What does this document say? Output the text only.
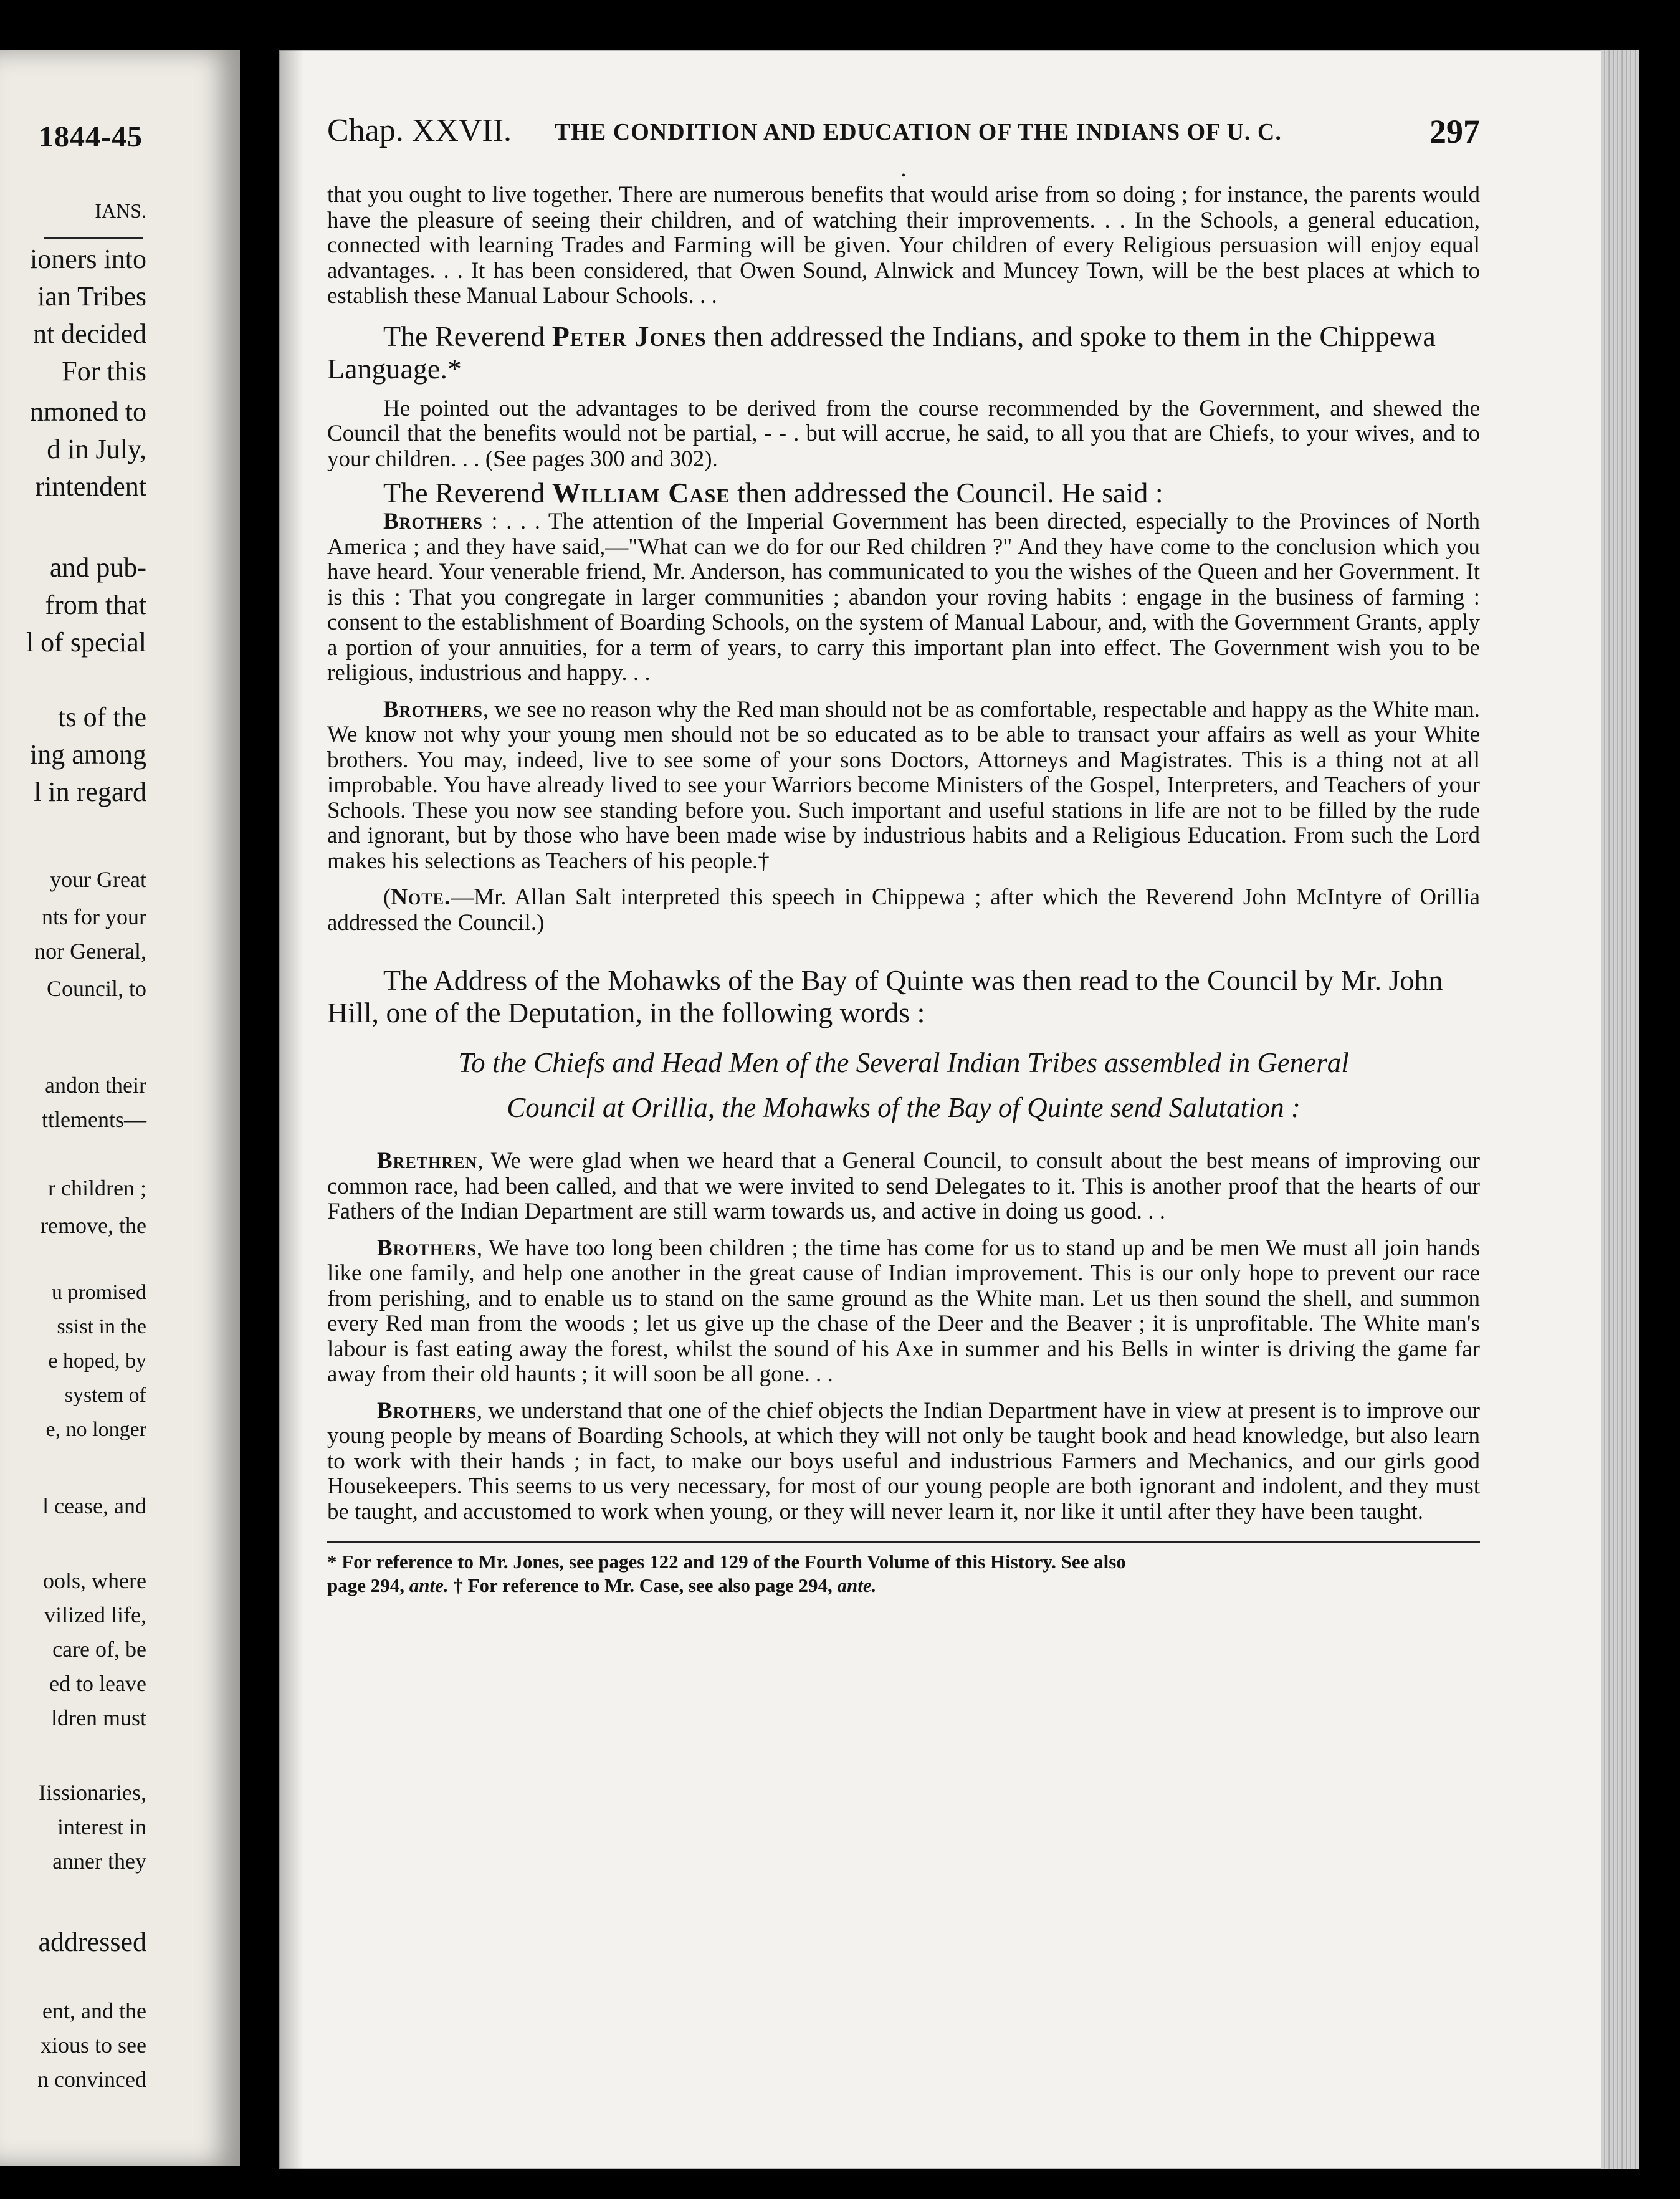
1844-45
IANS.
ioners into
ian Tribes
nt decided
For this
nmoned to
d in July,
rintendent
and pub-
from that
l of special
ts of the
ing among
l in regard
your Great
nts for your
nor General,
Council, to
andon their
ttlements—
r children ;
remove, the
u promised
ssist in the
e hoped, by
system of
e, no longer
l cease, and
ools, where
vilized life,
care of, be
ed to leave
ldren must
Iissionaries,
interest in
anner they
addressed
ent, and the
xious to see
n convinced
Chap. XXVII. THE CONDITION AND EDUCATION OF THE INDIANS OF U. C.	297
•

that you ought to live together. There are numerous benefits that would arise from so doing ; for instance, the parents would have the pleasure of seeing their children, and of watching their improvements. . . In the Schools, a general education, connected with learning Trades and Farming will be given. Your children of every Religious persuasion will enjoy equal advantages. . . It has been considered, that Owen Sound, Alnwick and Muncey Town, will be the best places at which to establish these Manual Labour Schools. . .

The Reverend Peter Jones then addressed the Indians, and spoke to them in the Chippewa Language.*

He pointed out the advantages to be derived from the course recommended by the Government, and shewed the Council that the benefits would not be partial, - - . but will accrue, he said, to all you that are Chiefs, to your wives, and to your children. . . (See pages 300 and 302).

The Reverend William Case then addressed the Council. He said :

Brothers : . . . The attention of the Imperial Government has been directed, especially to the Provinces of North America ; and they have said,—"What can we do for our Red children ?" And they have come to the conclusion which you have heard. Your venerable friend, Mr. Anderson, has communicated to you the wishes of the Queen and her Government. It is this : That you congregate in larger communities ; abandon your roving habits : engage in the business of farming : consent to the establishment of Boarding Schools, on the system of Manual Labour, and, with the Government Grants, apply a portion of your annuities, for a term of years, to carry this important plan into effect. The Government wish you to be religious, industrious and happy. . .

Brothers, we see no reason why the Red man should not be as comfortable, respectable and happy as the White man. We know not why your young men should not be so educated as to be able to transact your affairs as well as your White brothers. You may, indeed, live to see some of your sons Doctors, Attorneys and Magistrates. This is a thing not at all improbable. You have already lived to see your Warriors become Ministers of the Gospel, Interpreters, and Teachers of your Schools. These you now see standing before you. Such important and useful stations in life are not to be filled by the rude and ignorant, but by those who have been made wise by industrious habits and a Religious Education. From such the Lord makes his selections as Teachers of his people.†

(Note.—Mr. Allan Salt interpreted this speech in Chippewa ; after which the Reverend John McIntyre of Orillia addressed the Council.)

The Address of the Mohawks of the Bay of Quinte was then read to the Council by Mr. John Hill, one of the Deputation, in the following words :

To the Chiefs and Head Men of the Several Indian Tribes assembled in General

Council at Orillia, the Mohawks of the Bay of Quinte send Salutation :

Brethren, We were glad when we heard that a General Council, to consult about the best means of improving our common race, had been called, and that we were invited to send Delegates to it. This is another proof that the hearts of our Fathers of the Indian Department are still warm towards us, and active in doing us good. . .

Brothers, We have too long been children ; the time has come for us to stand up and be men We must all join hands like one family, and help one another in the great cause of Indian improvement. This is our only hope to prevent our race from perishing, and to enable us to stand on the same ground as the White man. Let us then sound the shell, and summon every Red man from the woods ; let us give up the chase of the Deer and the Beaver ; it is unprofitable. The White man's labour is fast eating away the forest, whilst the sound of his Axe in summer and his Bells in winter is driving the game far away from their old haunts ; it will soon be all gone. . .

Brothers, we understand that one of the chief objects the Indian Department have in view at present is to improve our young people by means of Boarding Schools, at which they will not only be taught book and head knowledge, but also learn to work with their hands ; in fact, to make our boys useful and industrious Farmers and Mechanics, and our girls good Housekeepers. This seems to us very necessary, for most of our young people are both ignorant and indolent, and they must be taught, and accustomed to work when young, or they will never learn it, nor like it until after they have been taught.

* For reference to Mr. Jones, see pages 122 and 129 of the Fourth Volume of this History. See also
page 294, ante. † For reference to Mr. Case, see also page 294, ante.
